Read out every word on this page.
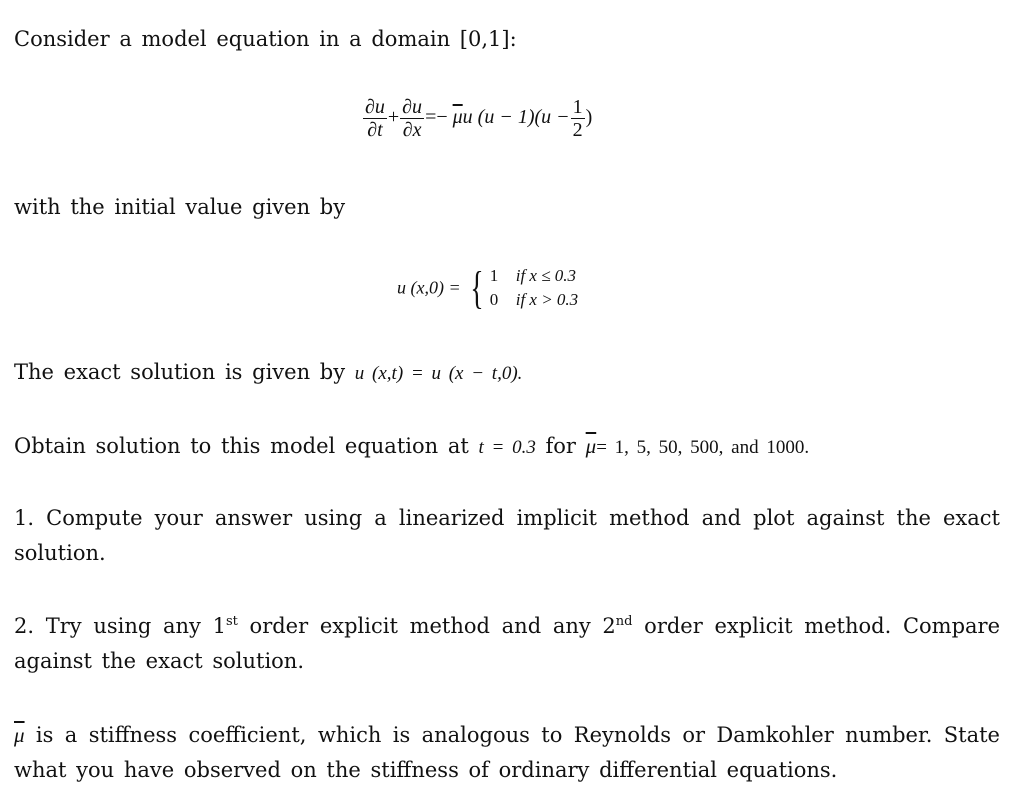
Consider a model equation in a domain [0,1]:
$\frac{\partial u}{\partial t} + \frac{\partial u}{\partial x} =- \overline{\mu}u$ $(u - 1)(u - \frac{1}{2}$ )
with the initial value given by
u (x,0) = { 1 if x ≤ 0.3
0 if x > 0.3
The exact solution is given by u (x,t) = u (x − t,0).
Obtain solution to this model equation at t = 0.3 for $\overline{\mu}= 1$, 5, 50, 500, and 1000.
1. Compute your answer using a linearized implicit method and plot against the exact solution.
2. Try using any 1st order explicit method and any 2nd order explicit method. Compare against the exact solution.
$\overline{\mu}$ is a stiffness coefficient, which is analogous to Reynolds or Damkohler number. State what you have observed on the stiffness of ordinary differential equations.
